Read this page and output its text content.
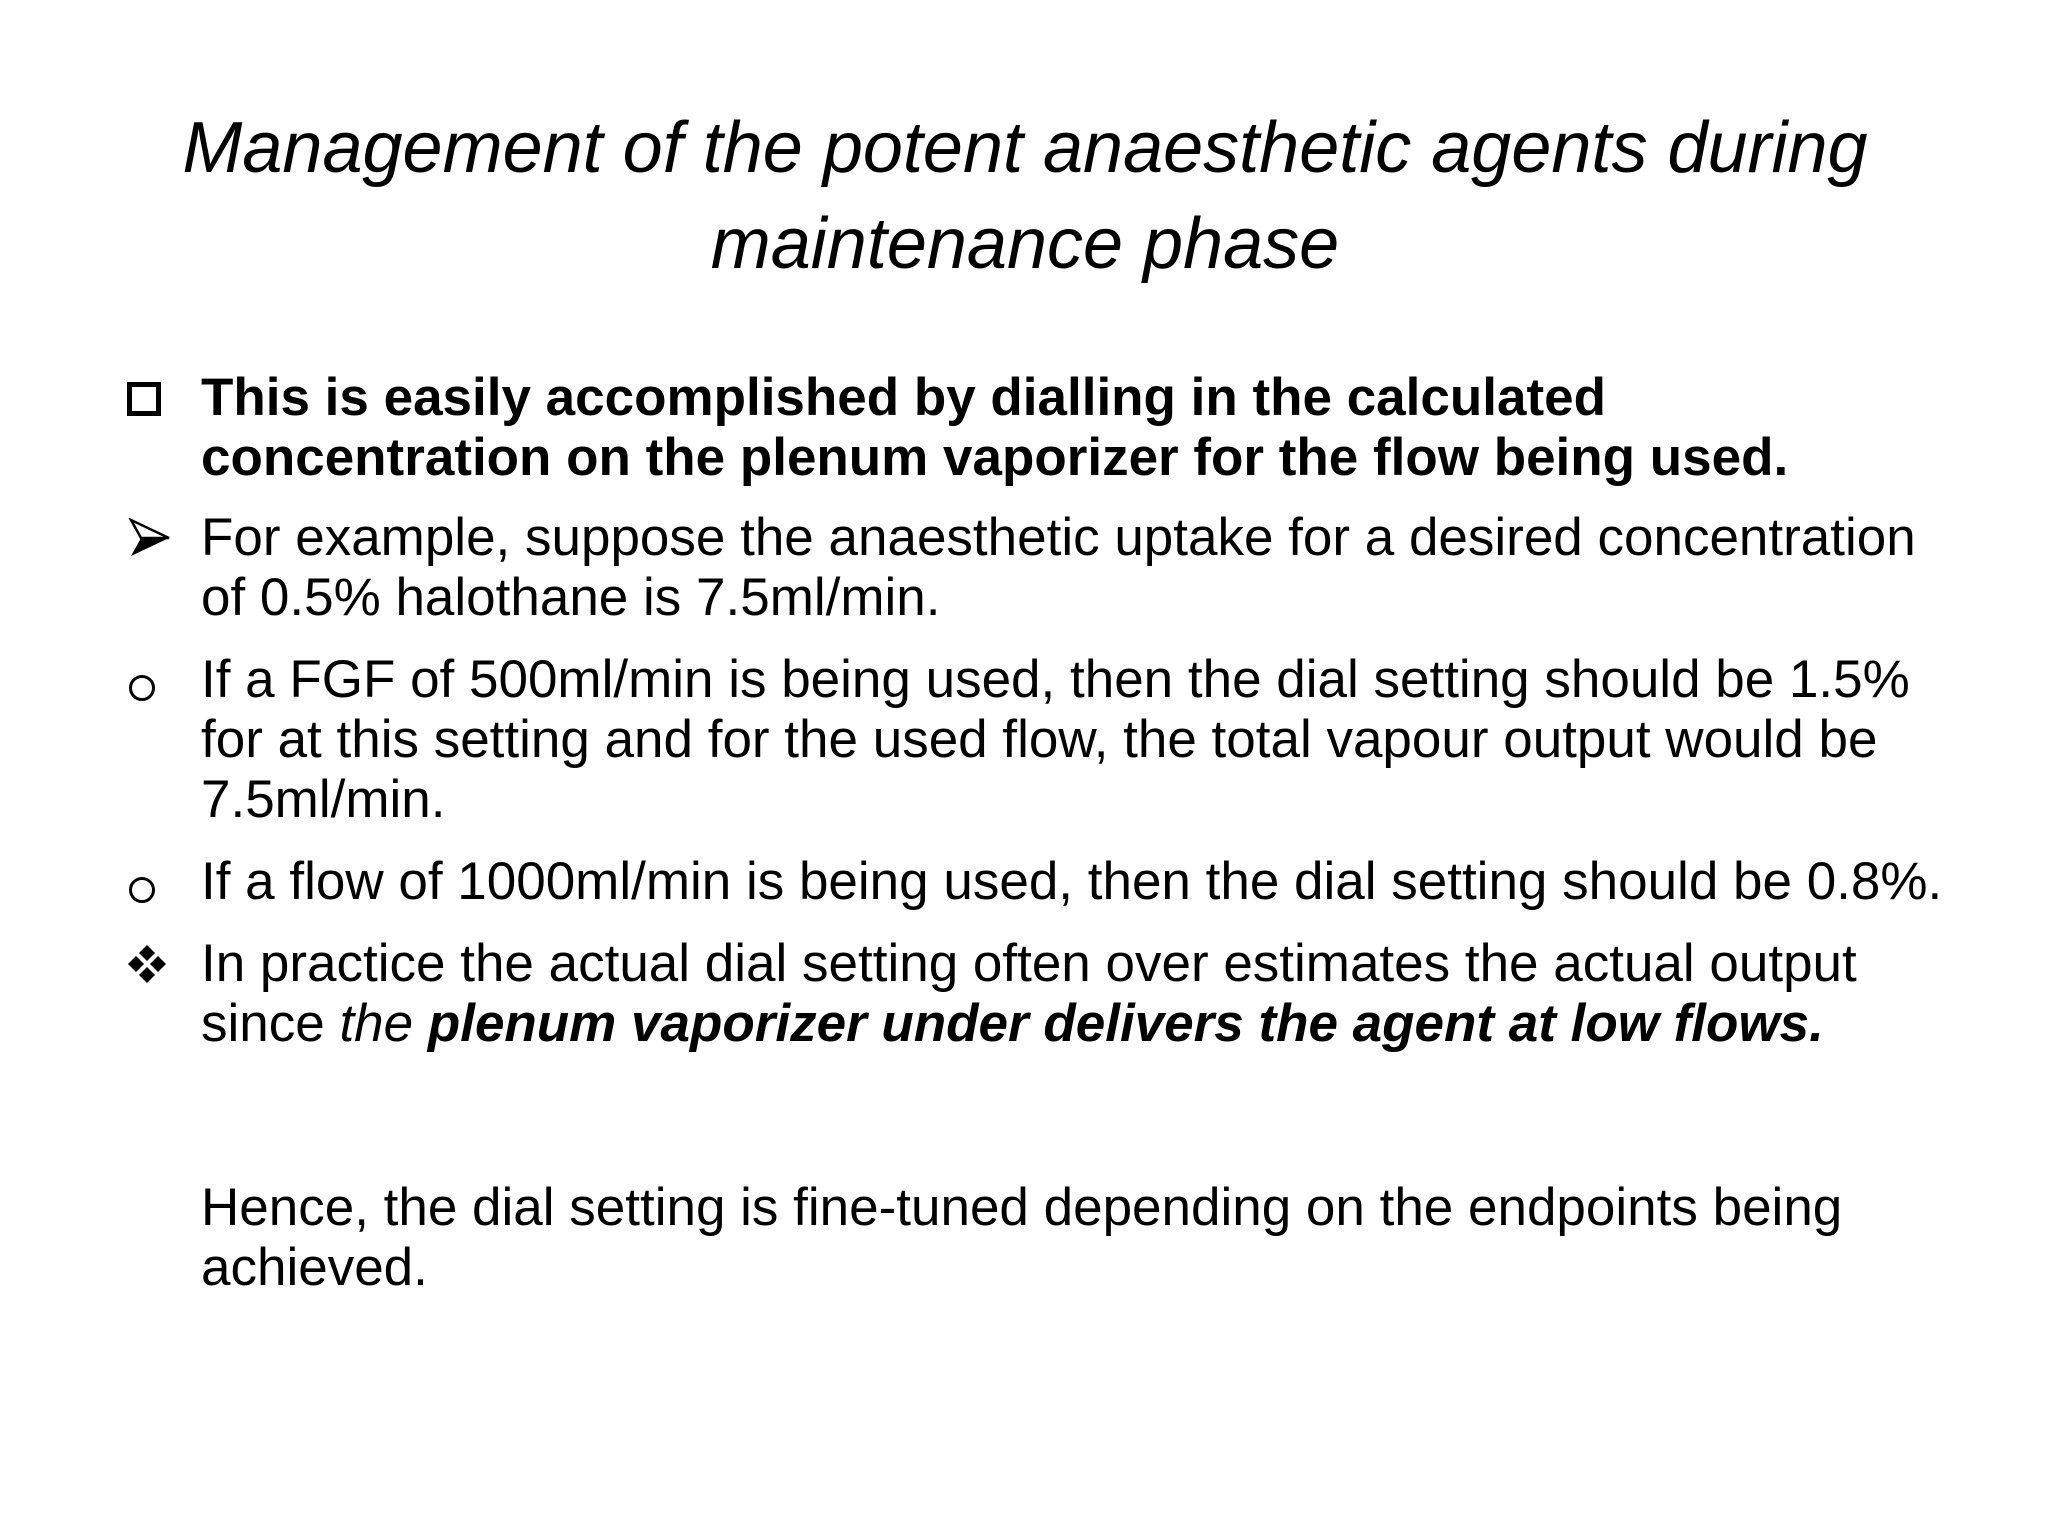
Management of the potent anaesthetic agents during maintenance phase
This is easily accomplished by dialling in the calculated concentration on the plenum vaporizer for the flow being used.
For example, suppose the anaesthetic uptake for a desired concentration of 0.5% halothane is 7.5ml/min.
If a FGF of 500ml/min is being used, then the dial setting should be 1.5% for at this setting and for the used flow, the total vapour output would be 7.5ml/min.
If a flow of 1000ml/min is being used, then the dial setting should be 0.8%.
In practice the actual dial setting often over estimates the actual output since the plenum vaporizer under delivers the agent at low flows.

Hence, the dial setting is fine-tuned depending on the endpoints being achieved.
